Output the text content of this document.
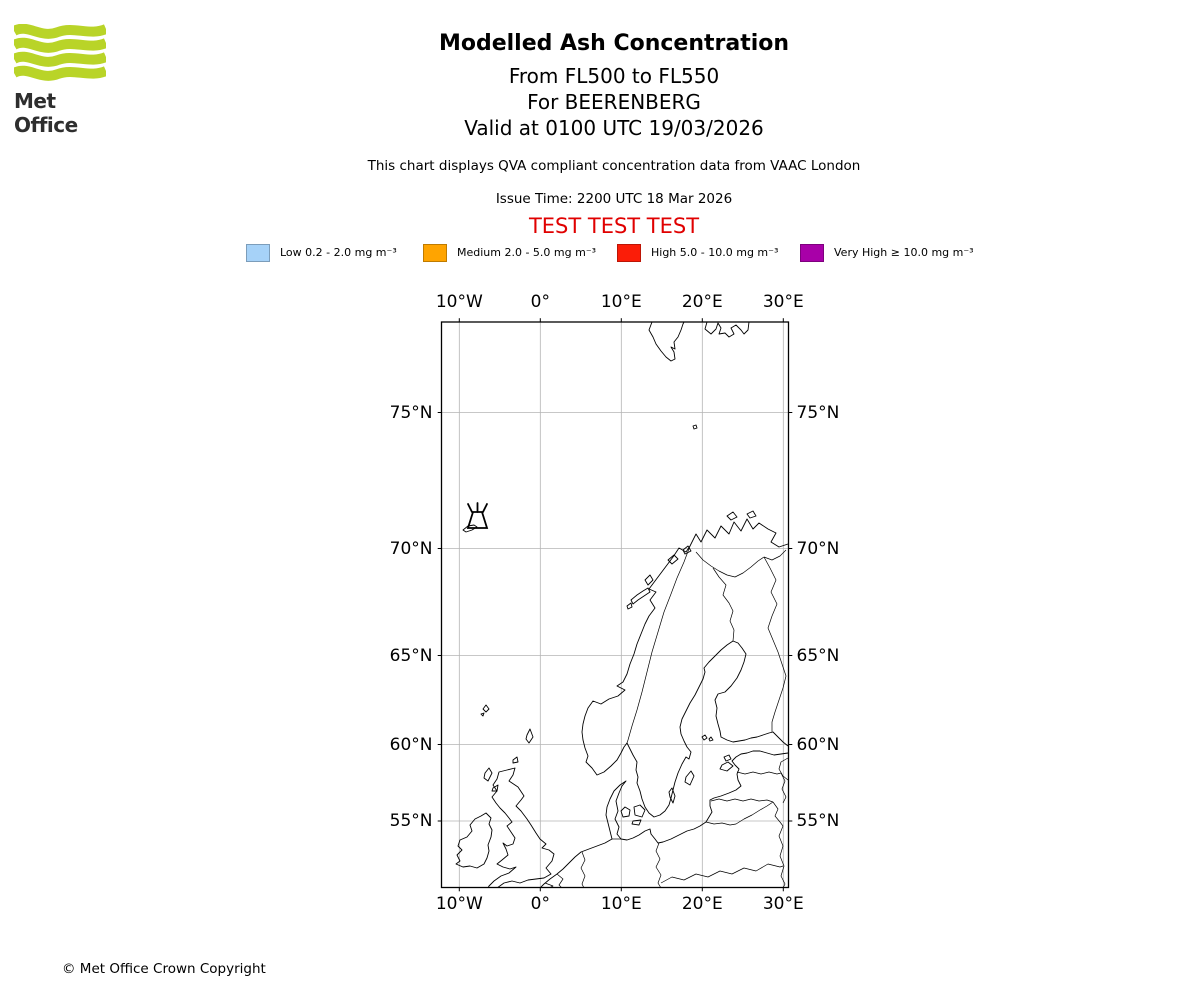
Met Office
Modelled Ash Concentration
From FL500 to FL550
For BEERENBERG
Valid at 0100 UTC 19/03/2026
This chart displays QVA compliant concentration data from VAAC London
Issue Time: 2200 UTC 18 Mar 2026
TEST TEST TEST
Low 0.2 - 2.0 mg m⁻³	Medium 2.0 - 5.0 mg m⁻³	High 5.0 - 10.0 mg m⁻³	Very High ≥ 10.0 mg m⁻³
10°W
10°W
0°
0°
10°E
10°E
20°E
20°E
30°E
30°E
75°N	75°N
70°N	70°N
65°N	65°N
60°N	60°N
55°N	55°N
© Met Office Crown Copyright
